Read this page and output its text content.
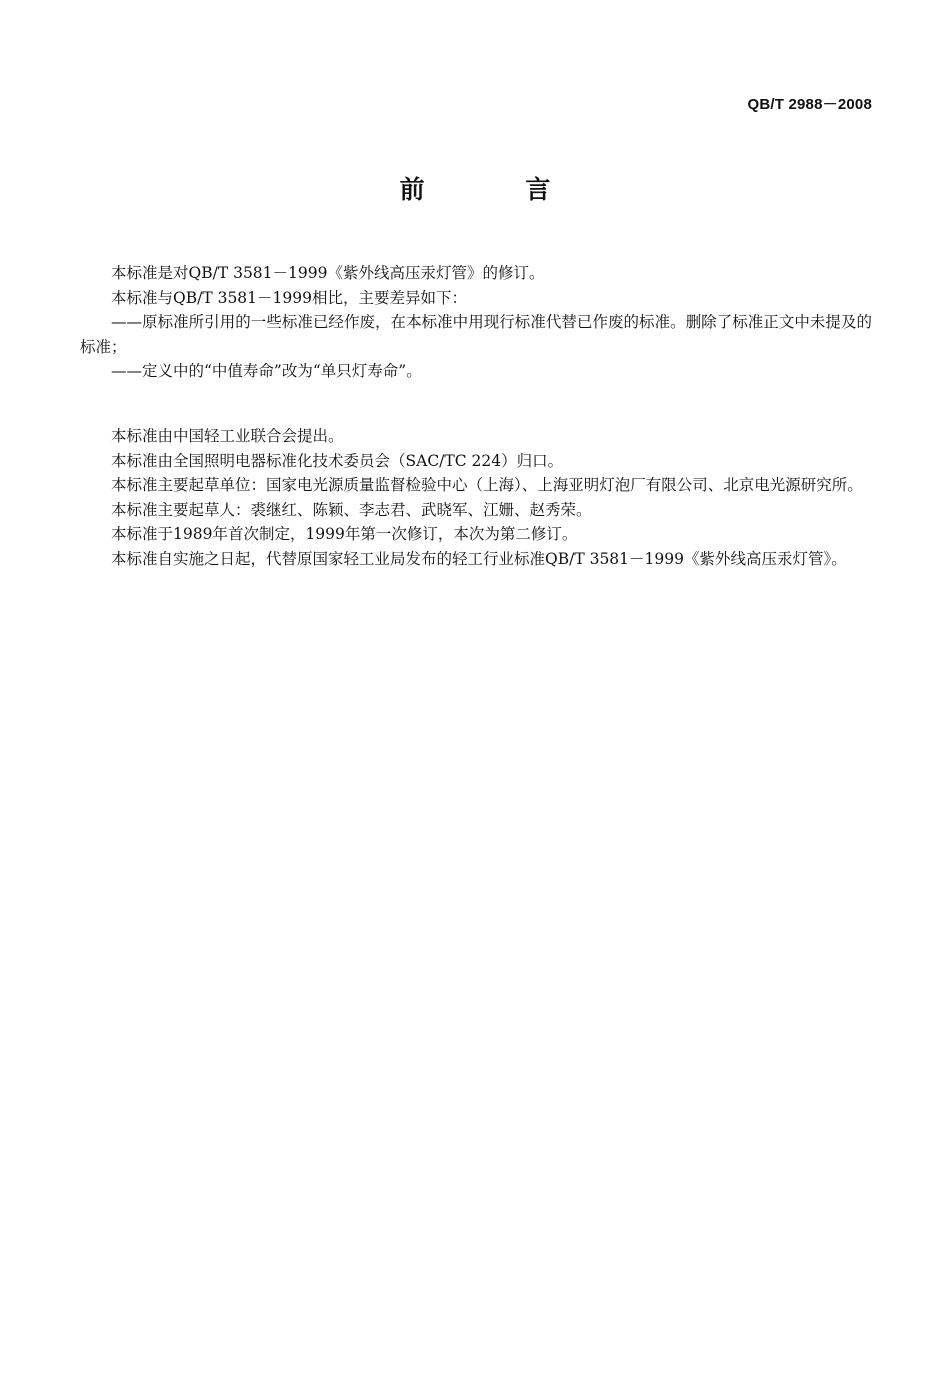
QB/T 2988－2008
前 言

本标准是对QB/T 3581－1999《紫外线高压汞灯管》的修订。

本标准与QB/T 3581－1999相比，主要差异如下：

——原标准所引用的一些标准已经作废，在本标准中用现行标准代替已作废的标准。删除了标准正文中未提及的标准；

——定义中的“中值寿命”改为“单只灯寿命”。

本标准由中国轻工业联合会提出。

本标准由全国照明电器标准化技术委员会（SAC/TC 224）归口。

本标准主要起草单位：国家电光源质量监督检验中心（上海）、上海亚明灯泡厂有限公司、北京电光源研究所。

本标准主要起草人：裘继红、陈颖、李志君、武晓军、江姗、赵秀荣。

本标准于1989年首次制定，1999年第一次修订，本次为第二修订。

本标准自实施之日起，代替原国家轻工业局发布的轻工行业标准QB/T 3581－1999《紫外线高压汞灯管》。
